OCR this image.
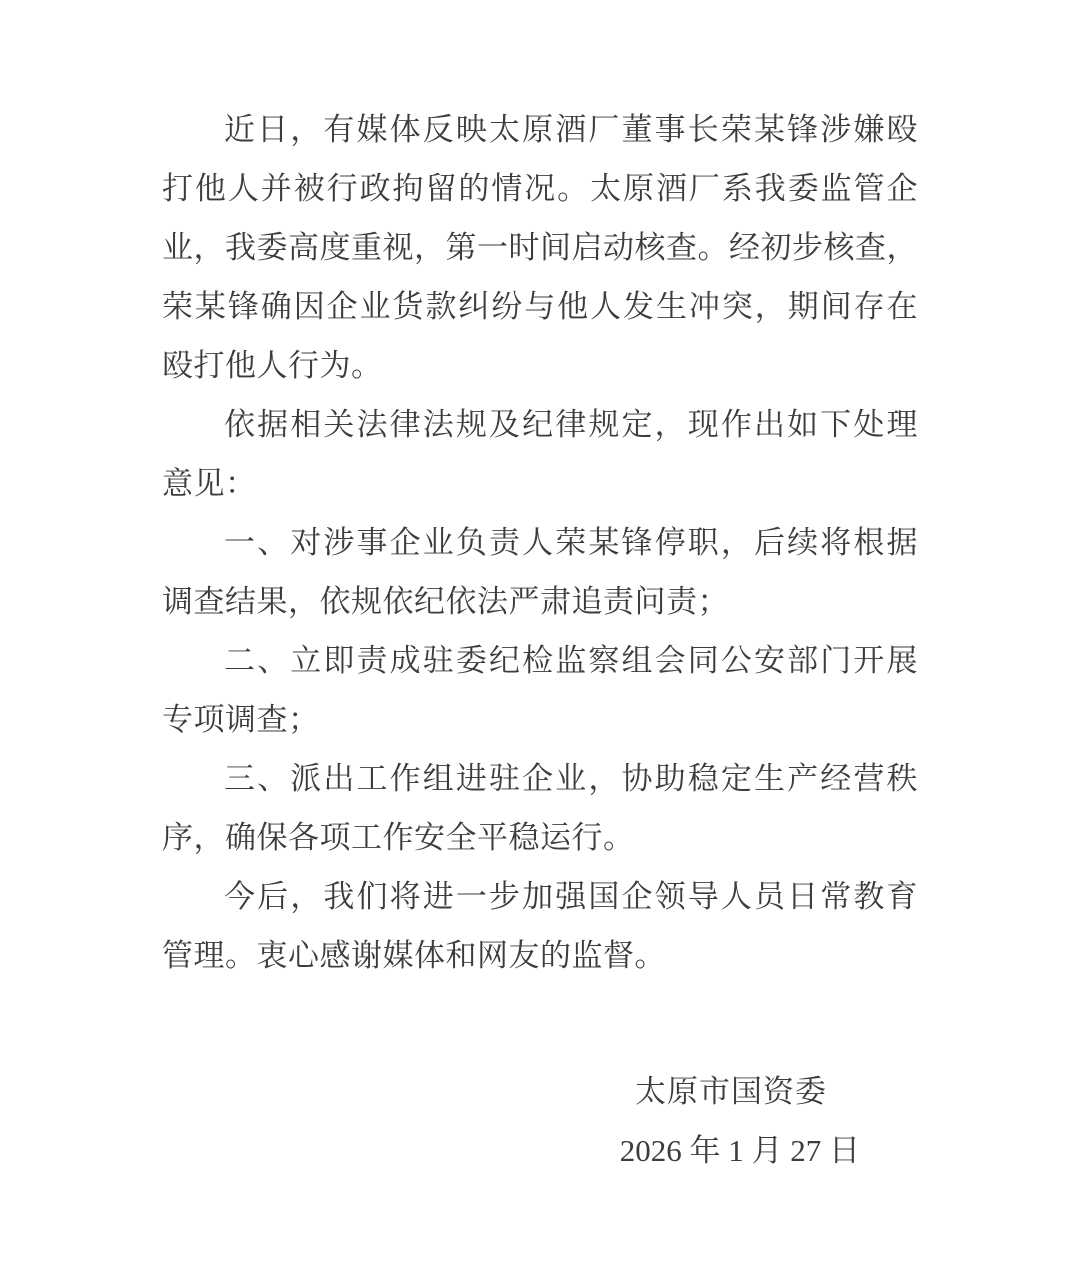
近日，有媒体反映太原酒厂董事长荣某锋涉嫌殴
打他人并被行政拘留的情况。太原酒厂系我委监管企
业，我委高度重视，第一时间启动核查。经初步核查，
荣某锋确因企业货款纠纷与他人发生冲突，期间存在
殴打他人行为。
依据相关法律法规及纪律规定，现作出如下处理
意见：
一、对涉事企业负责人荣某锋停职，后续将根据
调查结果，依规依纪依法严肃追责问责；
二、立即责成驻委纪检监察组会同公安部门开展
专项调查；
三、派出工作组进驻企业，协助稳定生产经营秩
序，确保各项工作安全平稳运行。
今后，我们将进一步加强国企领导人员日常教育
管理。衷心感谢媒体和网友的监督。
太原市国资委
2026 年 1 月 27 日
